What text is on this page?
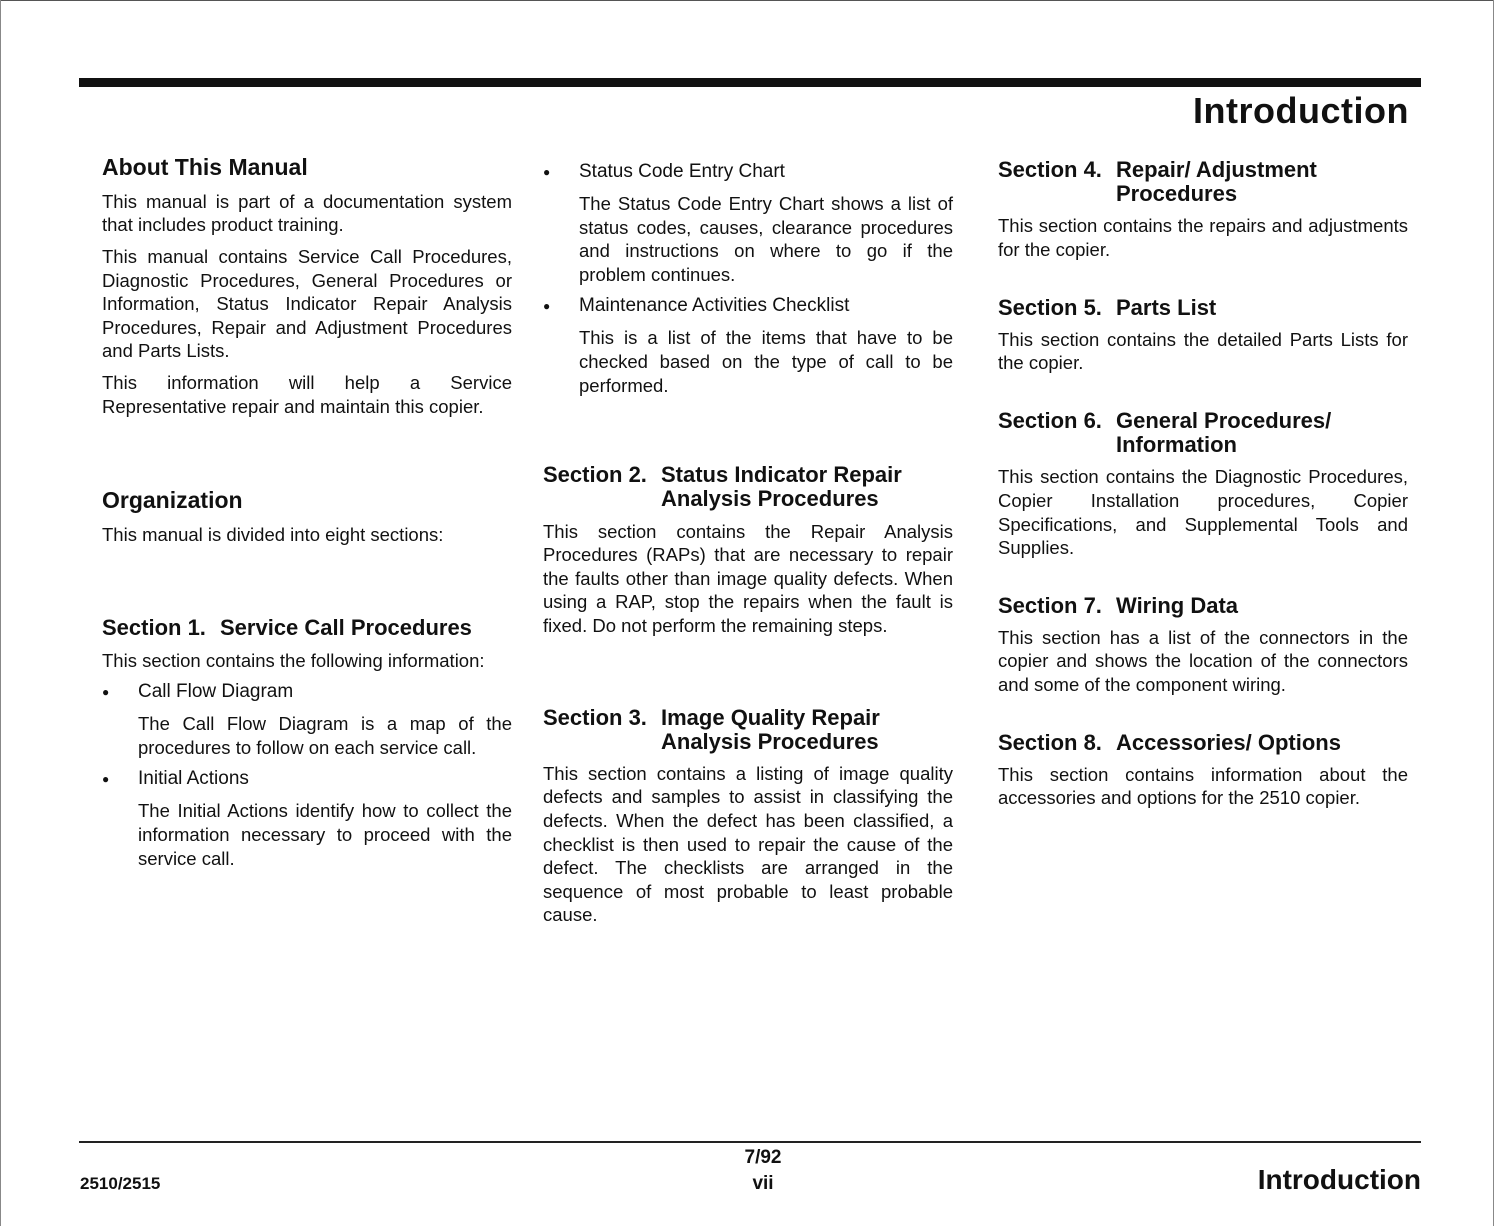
Introduction
About This Manual

This manual is part of a documentation system that includes product training.

This manual contains Service Call Procedures, Diagnostic Procedures, General Procedures or Information, Status Indicator Repair Analysis Procedures, Repair and Adjustment Procedures and Parts Lists.

This information will help a Service Representative repair and maintain this copier.

Organization

This manual is divided into eight sections:

Section 1. Service Call Procedures

This section contains the following information:

● Call Flow Diagram

The Call Flow Diagram is a map of the procedures to follow on each service call.

● Initial Actions

The Initial Actions identify how to collect the information necessary to proceed with the service call.

● Status Code Entry Chart

The Status Code Entry Chart shows a list of status codes, causes, clearance procedures and instructions on where to go if the problem continues.

● Maintenance Activities Checklist

This is a list of the items that have to be checked based on the type of call to be performed.

Section 2. Status Indicator Repair Analysis Procedures

This section contains the Repair Analysis Procedures (RAPs) that are necessary to repair the faults other than image quality defects. When using a RAP, stop the repairs when the fault is fixed. Do not perform the remaining steps.

Section 3. Image Quality Repair Analysis Procedures

This section contains a listing of image quality defects and samples to assist in classifying the defects. When the defect has been classified, a checklist is then used to repair the cause of the defect. The checklists are arranged in the sequence of most probable to least probable cause.

Section 4. Repair/ Adjustment Procedures

This section contains the repairs and adjustments for the copier.

Section 5. Parts List

This section contains the detailed Parts Lists for the copier.

Section 6. General Procedures/ Information

This section contains the Diagnostic Procedures, Copier Installation procedures, Copier Specifications, and Supplemental Tools and Supplies.

Section 7. Wiring Data

This section has a list of the connectors in the copier and shows the location of the connectors and some of the component wiring.

Section 8. Accessories/ Options

This section contains information about the accessories and options for the 2510 copier.

2510/2515
7/92
vii	Introduction
